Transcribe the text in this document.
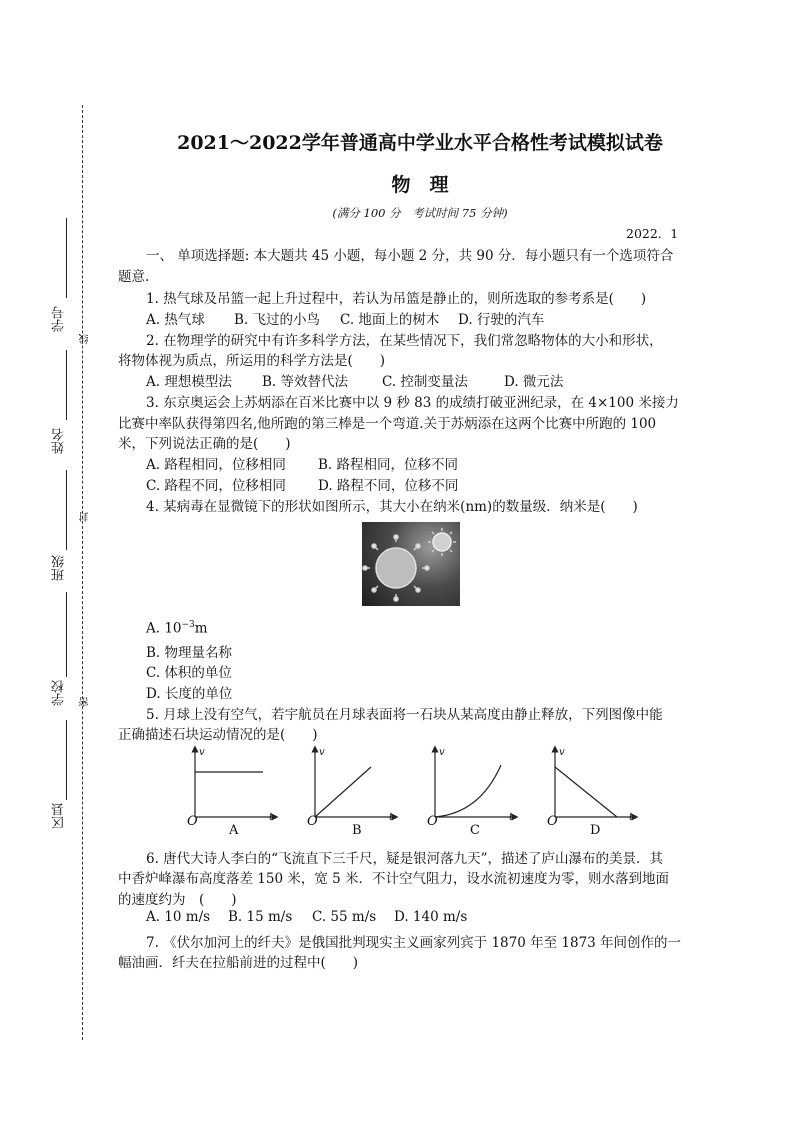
学号
姓名
班级
学校
区县
线
封
密
2021～2022学年普通高中学业水平合格性考试模拟试卷
物　理
(满分 100 分　考试时间 75 分钟)
2022．1
一、 单项选择题: 本大题共 45 小题，每小题 2 分，共 90 分．每小题只有一个选项符合
题意.
1. 热气球及吊篮一起上升过程中，若认为吊篮是静止的，则所选取的参考系是(　　)
A. 热气球 B. 飞过的小鸟 C. 地面上的树木 D. 行驶的汽车
2. 在物理学的研究中有许多科学方法，在某些情况下，我们常忽略物体的大小和形状，
将物体视为质点，所运用的科学方法是(　　)
A. 理想模型法 B. 等效替代法	C. 控制变量法	D. 微元法
3. 东京奥运会上苏炳添在百米比赛中以 9 秒 83 的成绩打破亚洲纪录，在 4×100 米接力
比赛中率队获得第四名,他所跑的第三棒是一个弯道.关于苏炳添在这两个比赛中所跑的 100
米，下列说法正确的是(　　)
A. 路程相同，位移相同 B. 路程相同，位移不同
C. 路程不同，位移相同 D. 路程不同，位移不同
4. 某病毒在显微镜下的形状如图所示，其大小在纳米(nm)的数量级．纳米是(　　)
A. $10^{-3}m$
B. 物理量名称
C. 体积的单位
D. 长度的单位
5. 月球上没有空气，若宇航员在月球表面将一石块从某高度由静止释放，下列图像中能
正确描述石块运动情况的是(　　)
v	v	v	v
t	t	t	t
O	O	O	O
A	B	C	D
6. 唐代大诗人李白的“飞流直下三千尺，疑是银河落九天”，描述了庐山瀑布的美景．其
中香炉峰瀑布高度落差 150 米，宽 5 米．不计空气阻力，设水流初速度为零，则水落到地面
的速度约为　(　　)
A. 10 m/s B. 15 m/s C. 55 m/s D. 140 m/s
7. 《伏尔加河上的纤夫》是俄国批判现实主义画家列宾于 1870 年至 1873 年间创作的一
幅油画．纤夫在拉船前进的过程中(　　)
